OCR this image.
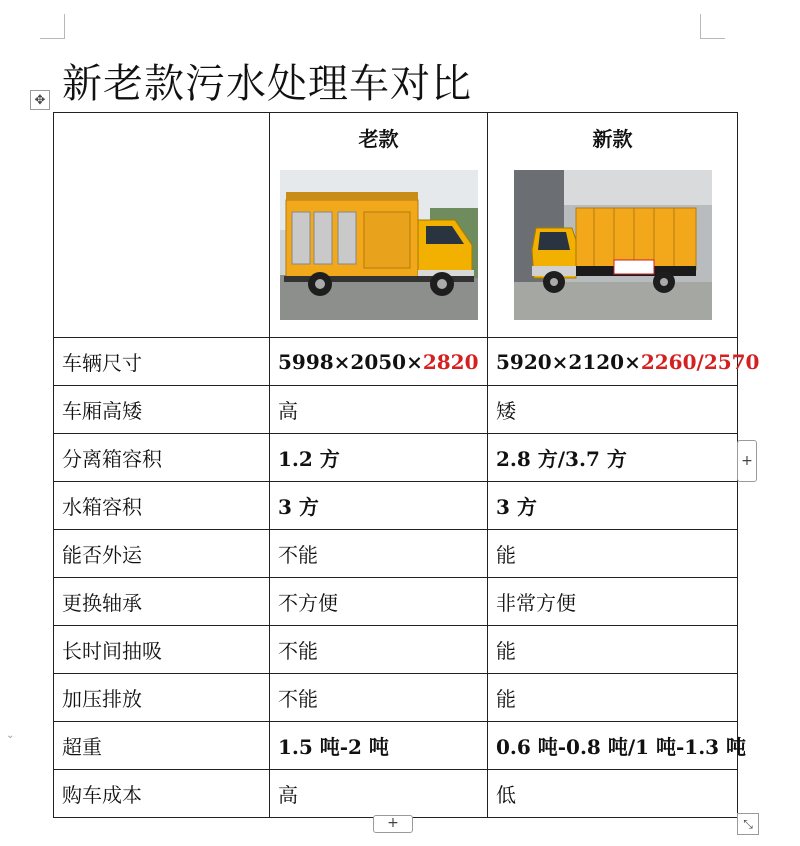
新老款污水处理车对比
✥

	老款	新款

车辆尺寸	5998×2050×2820	5920×2120×2260/2570
车厢高矮	高	矮
分离箱容积	1.2 方	2.8 方/3.7 方
水箱容积	3 方	3 方
能否外运	不能	能
更换轴承	不方便	非常方便
长时间抽吸	不能	能
加压排放	不能	能
超重	1.5 吨-2 吨	0.6 吨-0.8 吨/1 吨-1.3 吨
购车成本	高	低
+
+	⤡
⌄
